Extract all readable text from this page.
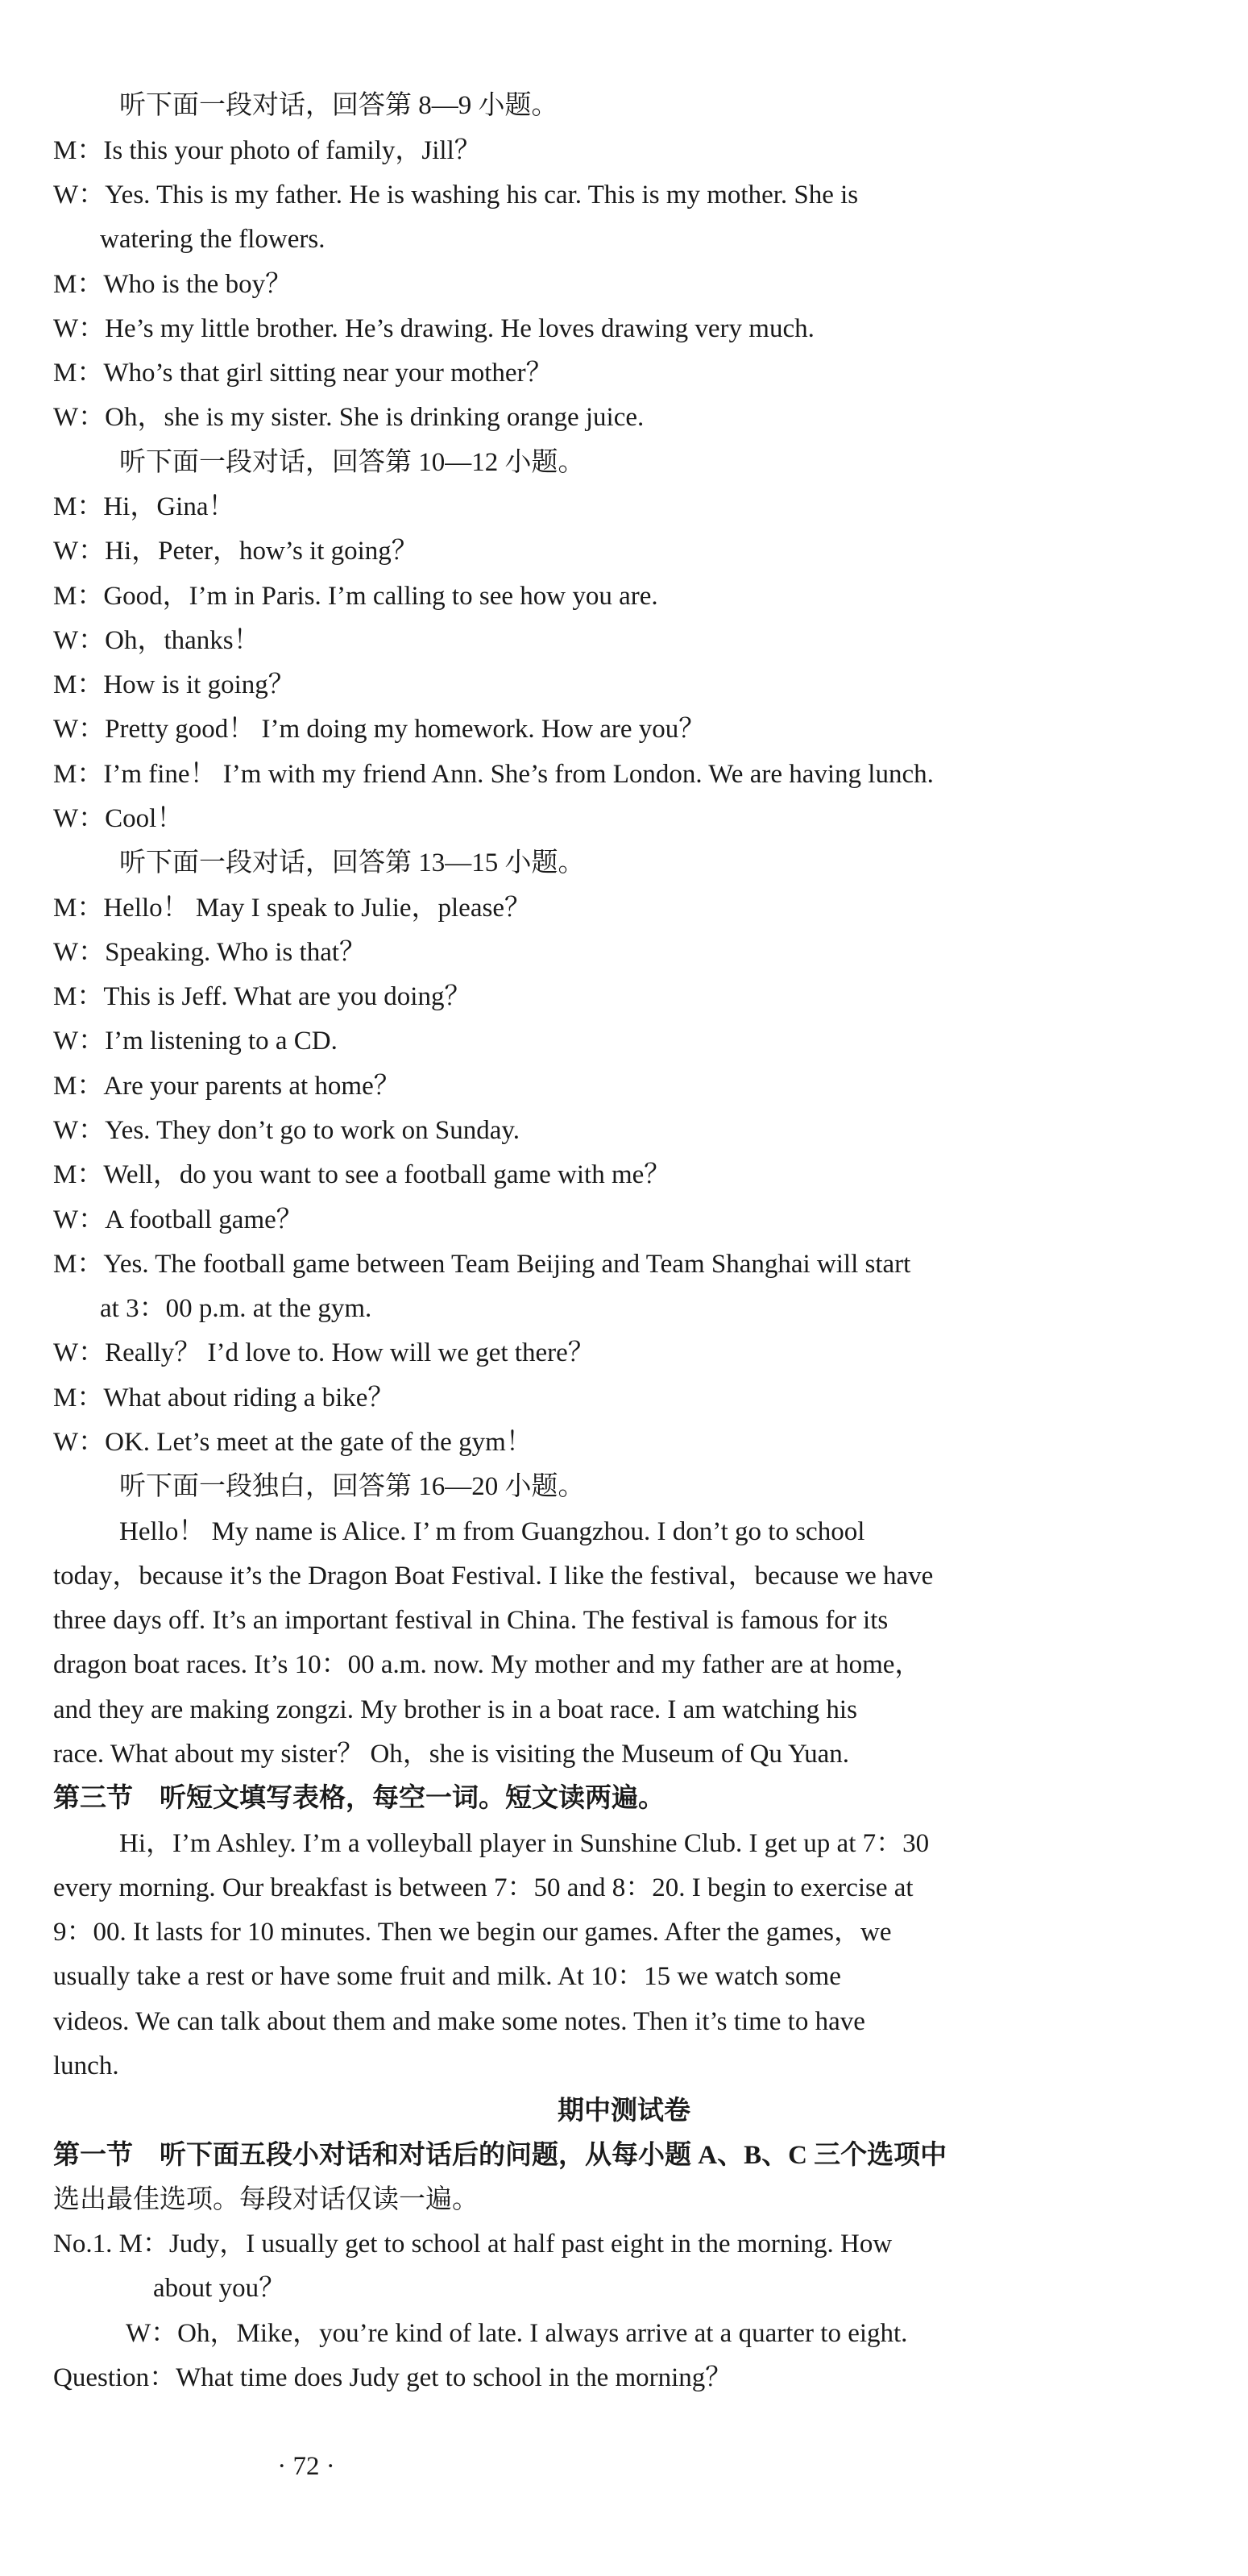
听下面一段对话，回答第 8—9 小题。
M：Is this your photo of family，Jill？
W：Yes. This is my father. He is washing his car. This is my mother. She is
watering the flowers.
M：Who is the boy？
W：He’s my little brother. He’s drawing. He loves drawing very much.
M：Who’s that girl sitting near your mother？
W：Oh，she is my sister. She is drinking orange juice.
听下面一段对话，回答第 10—12 小题。
M：Hi，Gina！
W：Hi，Peter，how’s it going？
M：Good，I’m in Paris. I’m calling to see how you are.
W：Oh，thanks！
M：How is it going？
W：Pretty good！ I’m doing my homework. How are you？
M：I’m fine！ I’m with my friend Ann. She’s from London. We are having lunch.
W：Cool！
听下面一段对话，回答第 13—15 小题。
M：Hello！ May I speak to Julie，please？
W：Speaking. Who is that？
M：This is Jeff. What are you doing？
W：I’m listening to a CD.
M：Are your parents at home？
W：Yes. They don’t go to work on Sunday.
M：Well，do you want to see a football game with me？
W：A football game？
M：Yes. The football game between Team Beijing and Team Shanghai will start
at 3：00 p.m. at the gym.
W：Really？ I’d love to. How will we get there？
M：What about riding a bike？
W：OK. Let’s meet at the gate of the gym！
听下面一段独白，回答第 16—20 小题。
Hello！ My name is Alice. I’ m from Guangzhou. I don’t go to school
today，because it’s the Dragon Boat Festival. I like the festival，because we have
three days off. It’s an important festival in China. The festival is famous for its
dragon boat races. It’s 10：00 a.m. now. My mother and my father are at home，
and they are making zongzi. My brother is in a boat race. I am watching his
race. What about my sister？ Oh，she is visiting the Museum of Qu Yuan.
第三节　听短文填写表格，每空一词。短文读两遍。
Hi，I’m Ashley. I’m a volleyball player in Sunshine Club. I get up at 7：30
every morning. Our breakfast is between 7：50 and 8：20. I begin to exercise at
9：00. It lasts for 10 minutes. Then we begin our games. After the games，we
usually take a rest or have some fruit and milk. At 10：15 we watch some
videos. We can talk about them and make some notes. Then it’s time to have
lunch.
期中测试卷
第一节　听下面五段小对话和对话后的问题，从每小题 A、B、C 三个选项中
选出最佳选项。每段对话仅读一遍。
No.1. M：Judy，I usually get to school at half past eight in the morning. How
about you？
W：Oh，Mike，you’re kind of late. I always arrive at a quarter to eight.
Question：What time does Judy get to school in the morning？
· 72 ·
